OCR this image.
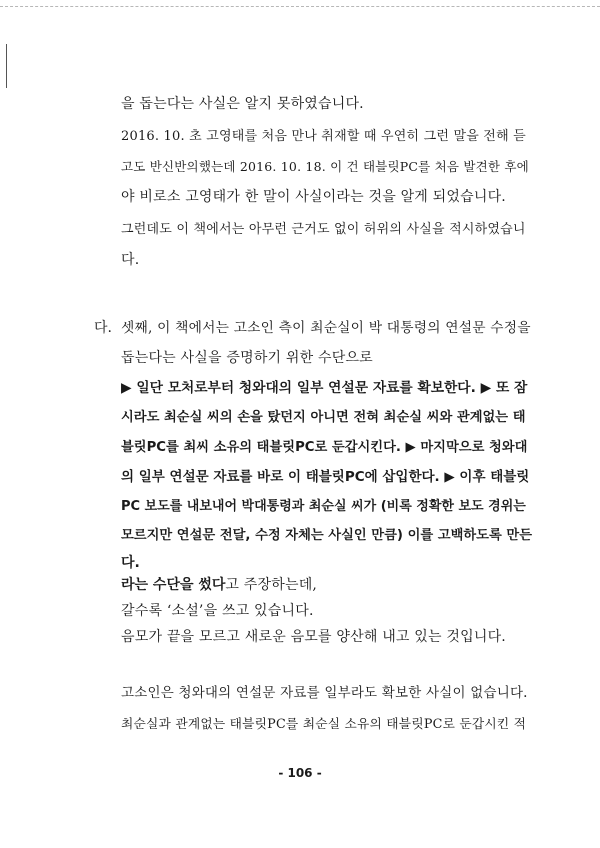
을 돕는다는 사실은 알지 못하였습니다.
2016. 10. 초 고영태를 처음 만나 취재할 때 우연히 그런 말을 전해 듣
고도 반신반의했는데 2016. 10. 18. 이 건 태블릿PC를 처음 발견한 후에
야 비로소 고영태가 한 말이 사실이라는 것을 알게 되었습니다.
그런데도 이 책에서는 아무런 근거도 없이 허위의 사실을 적시하였습니
다.
다. 셋째, 이 책에서는 고소인 측이 최순실이 박 대통령의 연설문 수정을
돕는다는 사실을 증명하기 위한 수단으로
▶ 일단 모처로부터 청와대의 일부 연설문 자료를 확보한다. ▶ 또 잠
시라도 최순실 씨의 손을 탔던지 아니면 전혀 최순실 씨와 관계없는 태
블릿PC를 최씨 소유의 태블릿PC로 둔갑시킨다. ▶ 마지막으로 청와대
의 일부 연설문 자료를 바로 이 태블릿PC에 삽입한다. ▶ 이후 태블릿
PC 보도를 내보내어 박대통령과 최순실 씨가 (비록 정확한 보도 경위는
모르지만 연설문 전달, 수정 자체는 사실인 만큼) 이를 고백하도록 만든
다.
라는 수단을 썼다고 주장하는데,
갈수록 ‘소설’을 쓰고 있습니다.
음모가 끝을 모르고 새로운 음모를 양산해 내고 있는 것입니다.
고소인은 청와대의 연설문 자료를 일부라도 확보한 사실이 없습니다.
최순실과 관계없는 태블릿PC를 최순실 소유의 태블릿PC로 둔갑시킨 적
- 106 -
